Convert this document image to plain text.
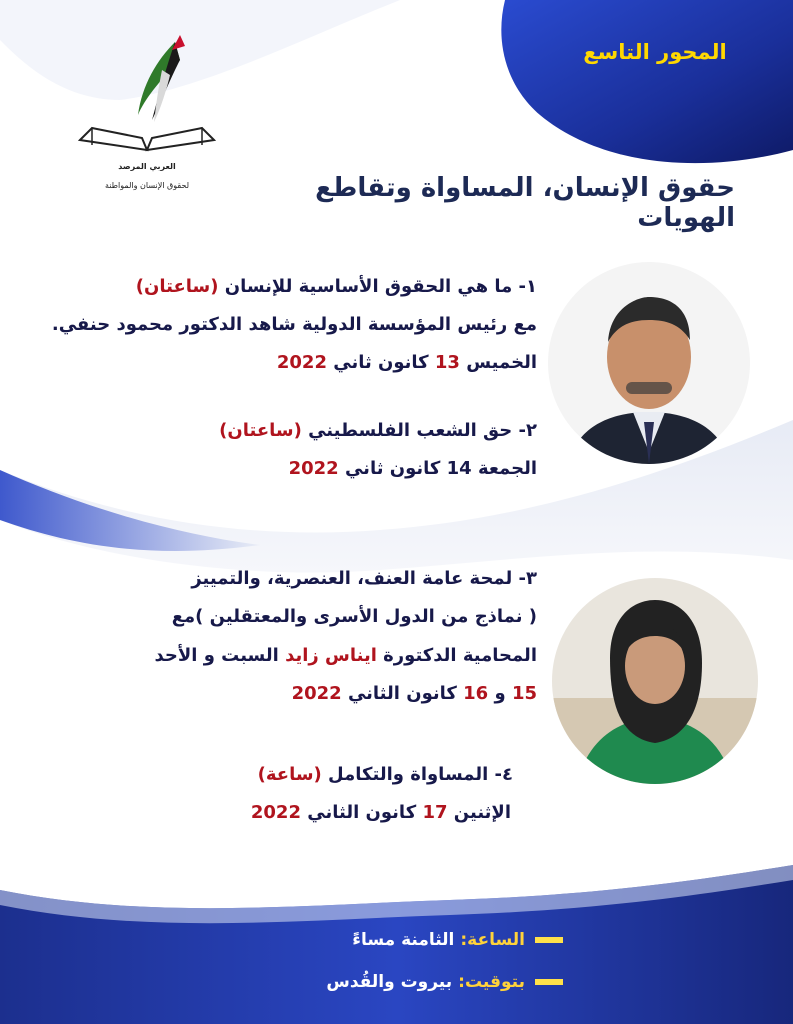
المحور التاسع
العربي المرصد
لحقوق الإنسان والمواطنة	حقوق الإنسان، المساواة وتقاطع الهويات
١- ما هي الحقوق الأساسية للإنسان (ساعتان)
مع رئيس المؤسسة الدولية شاهد الدكتور محمود حنفي.
الخميس 13 كانون ثاني 2022
٢- حق الشعب الفلسطيني (ساعتان)
الجمعة 14 كانون ثاني 2022
٣- لمحة عامة العنف، العنصرية، والتمييز
( نماذج من الدول الأسرى والمعتقلين )مع
المحامية الدكتورة ايناس زايد السبت و الأحد
15 و 16 كانون الثاني 2022
٤- المساواة والتكامل (ساعة)
الإثنين 17 كانون الثاني 2022
الساعة:
الثامنة مساءً
بتوقيت:
بيروت والقُدس
